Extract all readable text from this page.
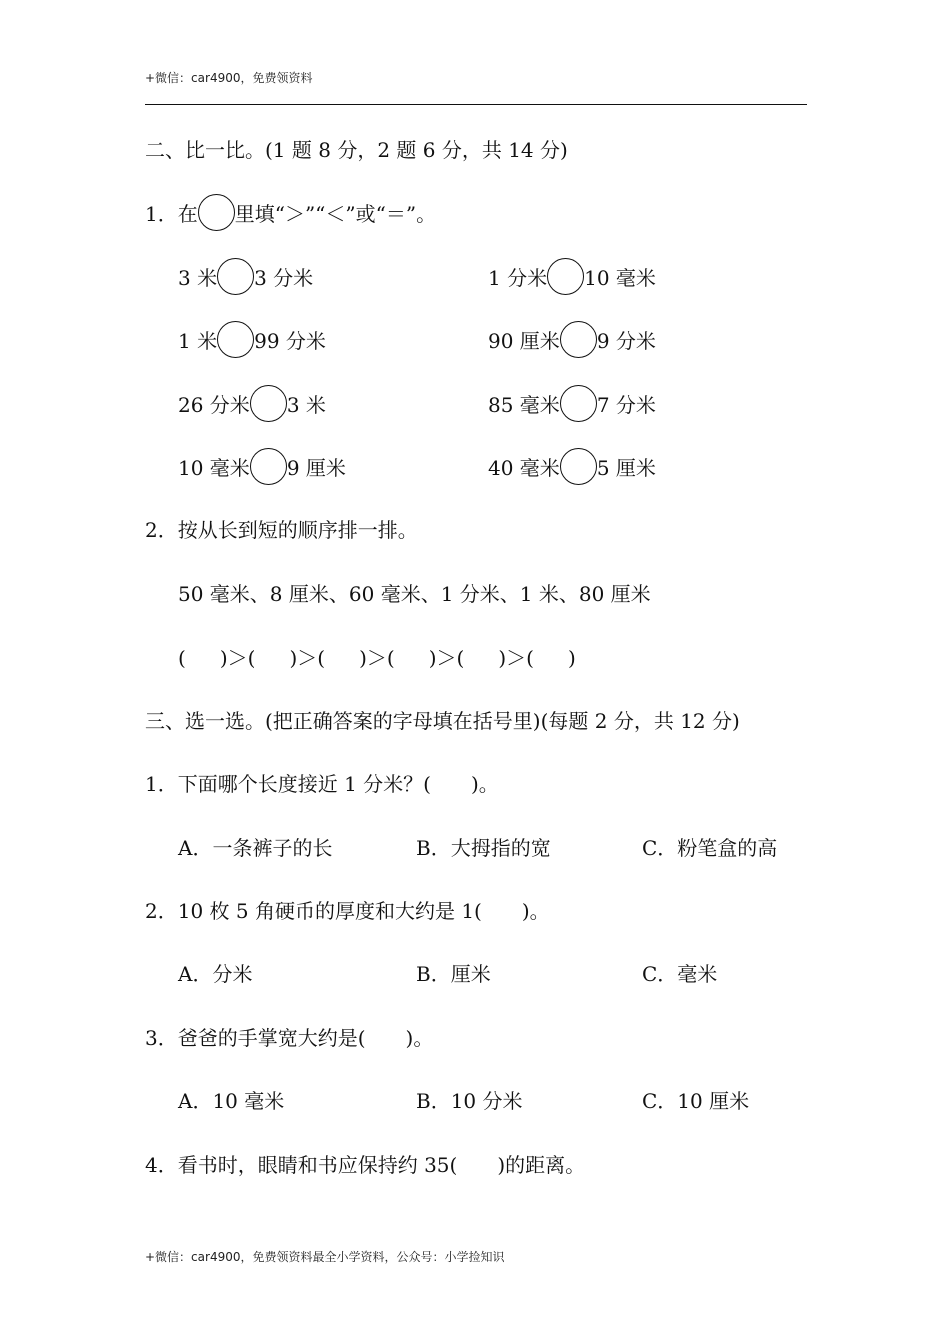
+微信：car4900，免费领资料
二、比一比。(1 题 8 分，2 题 6 分，共 14 分)
1．在 里填“＞”“＜”或“＝”。
3 米 3 分米	1 分米 10 毫米
1 米 99 分米	90 厘米 9 分米
26 分米 3 米	85 毫米 7 分米
10 毫米 9 厘米	40 毫米 5 厘米
2．按从长到短的顺序排一排。
50 毫米、8 厘米、60 毫米、1 分米、1 米、80 厘米
( )＞( )＞( )＞( )＞( )＞( )
三、选一选。(把正确答案的字母填在括号里)(每题 2 分，共 12 分)
1．下面哪个长度接近 1 分米？(　　)。
A．一条裤子的长	B．大拇指的宽	C．粉笔盒的高
2．10 枚 5 角硬币的厚度和大约是 1(　　)。
A．分米	B．厘米	C．毫米
3．爸爸的手掌宽大约是(　　)。
A．10 毫米	B．10 分米	C．10 厘米
4．看书时，眼睛和书应保持约 35(　　)的距离。
+微信：car4900，免费领资料最全小学资料，公众号：小学捡知识
